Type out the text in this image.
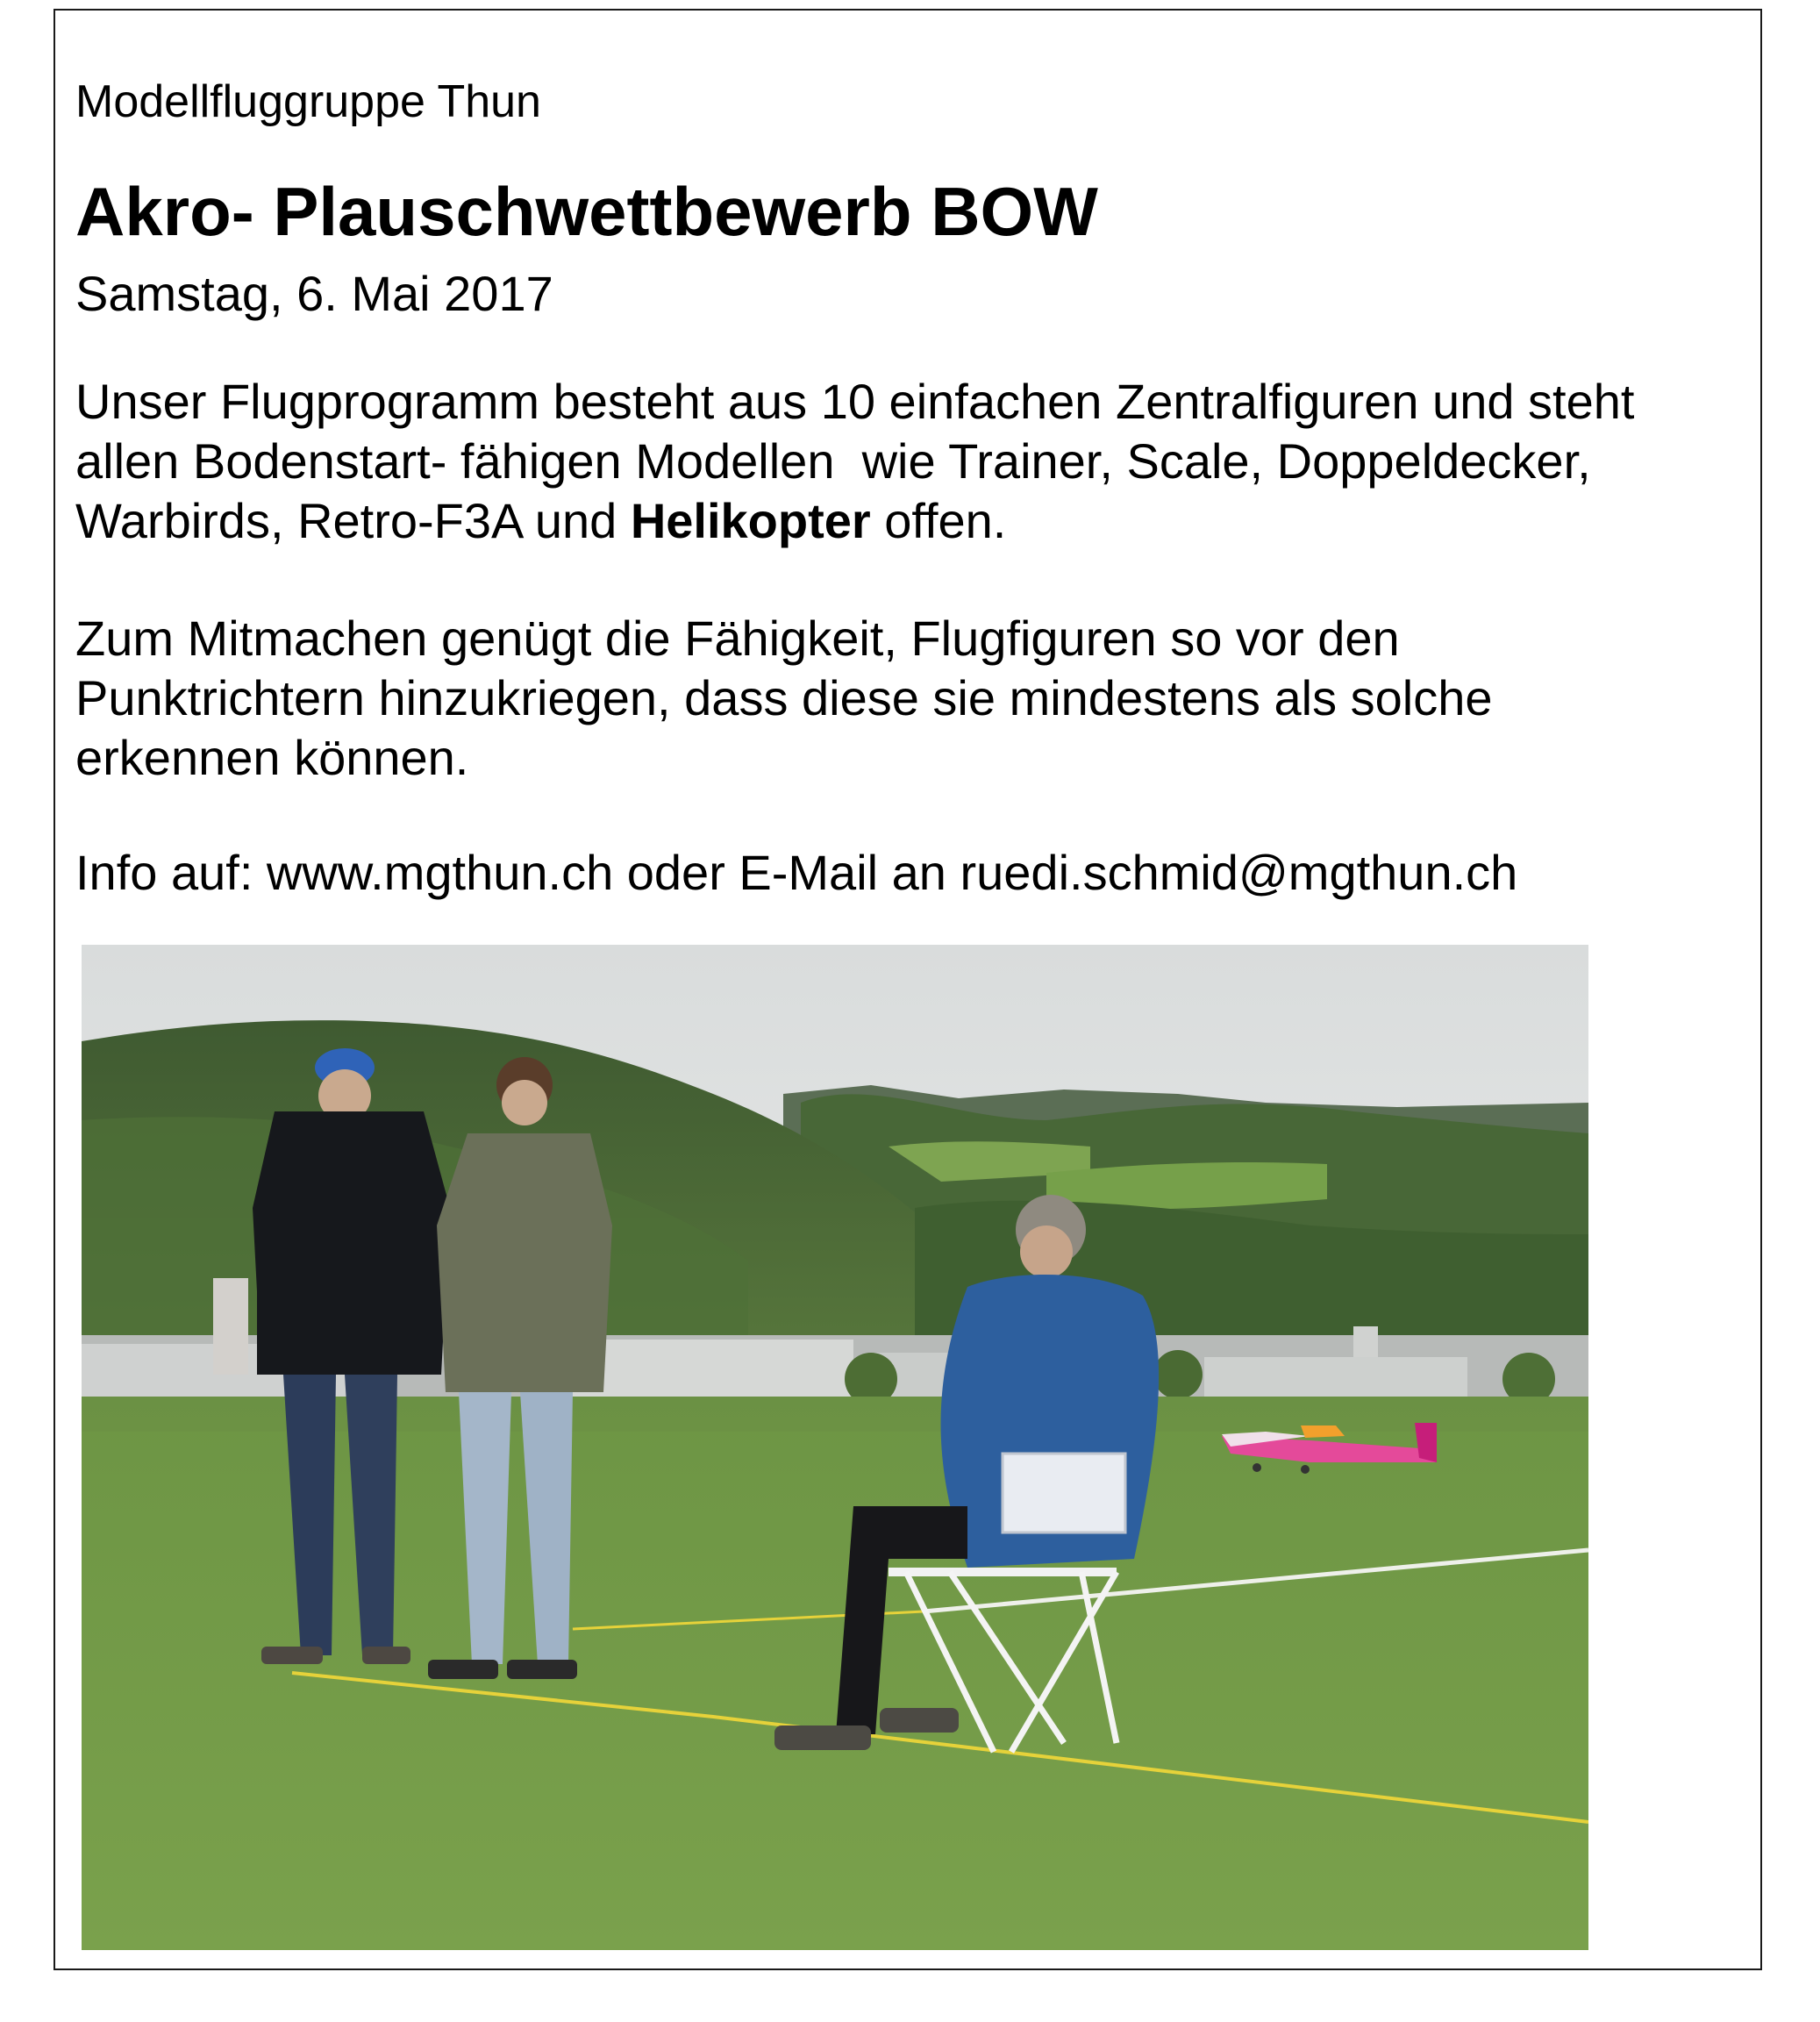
Modellfluggruppe Thun
Akro- Plauschwettbewerb BOW
Samstag, 6. Mai 2017
Unser Flugprogramm besteht aus 10 einfachen Zentralfiguren und steht
allen Bodenstart- fähigen Modellen  wie Trainer, Scale, Doppeldecker,
Warbirds, Retro-F3A und Helikopter offen.
Zum Mitmachen genügt die Fähigkeit, Flugfiguren so vor den
Punktrichtern hinzukriegen, dass diese sie mindestens als solche
erkennen können.
Info auf: www.mgthun.ch oder E-Mail an ruedi.schmid@mgthun.ch
